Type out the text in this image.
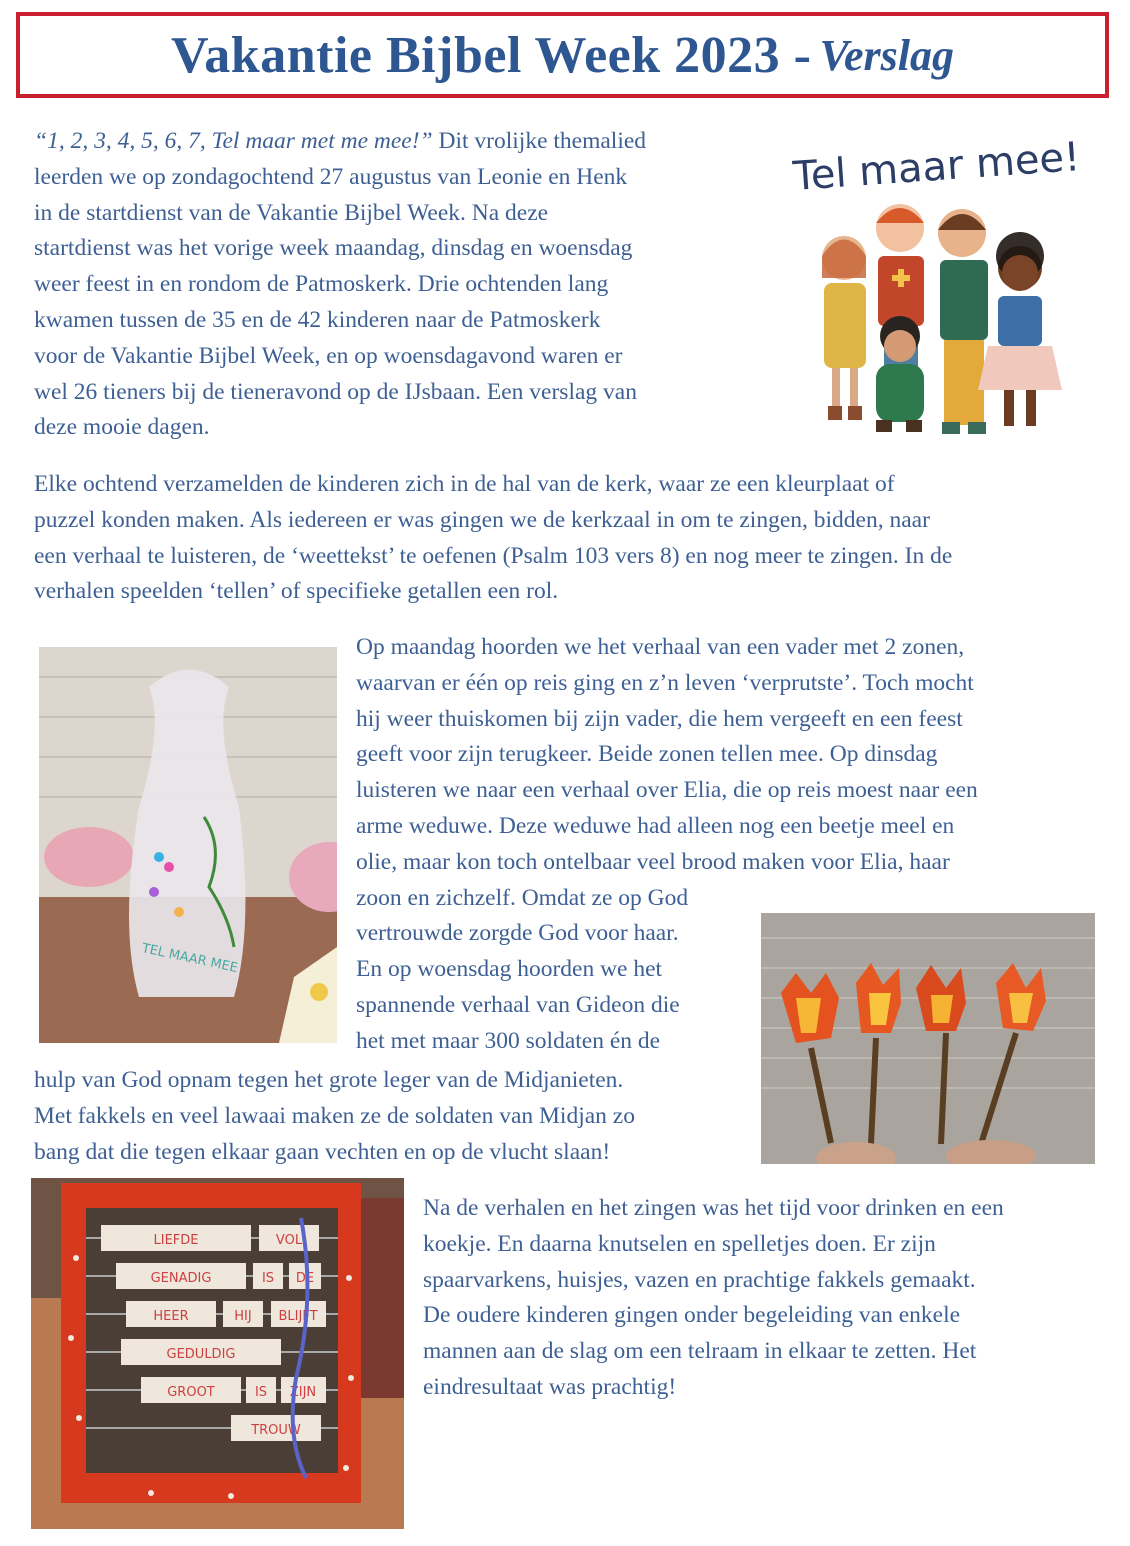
Vakantie Bijbel Week 2023 - Verslag
“1, 2, 3, 4, 5, 6, 7, Tel maar met me mee!” Dit vrolijke themalied
leerden we op zondagochtend 27 augustus van Leonie en Henk
in de startdienst van de Vakantie Bijbel Week. Na deze
startdienst was het vorige week maandag, dinsdag en woensdag
weer feest in en rondom de Patmoskerk. Drie ochtenden lang
kwamen tussen de 35 en de 42 kinderen naar de Patmoskerk
voor de Vakantie Bijbel Week, en op woensdagavond waren er
wel 26 tieners bij de tieneravond op de IJsbaan. Een verslag van
deze mooie dagen.
Tel maar mee!
Elke ochtend verzamelden de kinderen zich in de hal van de kerk, waar ze een kleurplaat of
puzzel konden maken. Als iedereen er was gingen we de kerkzaal in om te zingen, bidden, naar
een verhaal te luisteren, de ‘weettekst’ te oefenen (Psalm 103 vers 8) en nog meer te zingen. In de
verhalen speelden ‘tellen’ of specifieke getallen een rol.
TEL MAAR MEE
Op maandag hoorden we het verhaal van een vader met 2 zonen,
waarvan er één op reis ging en z’n leven ‘verprutste’. Toch mocht
hij weer thuiskomen bij zijn vader, die hem vergeeft en een feest
geeft voor zijn terugkeer. Beide zonen tellen mee. Op dinsdag
luisteren we naar een verhaal over Elia, die op reis moest naar een
arme weduwe. Deze weduwe had alleen nog een beetje meel en
olie, maar kon toch ontelbaar veel brood maken voor Elia, haar
zoon en zichzelf. Omdat ze op God
vertrouwde zorgde God voor haar.
En op woensdag hoorden we het
spannende verhaal van Gideon die
het met maar 300 soldaten én de
hulp van God opnam tegen het grote leger van de Midjanieten.
Met fakkels en veel lawaai maken ze de soldaten van Midjan zo
bang dat die tegen elkaar gaan vechten en op de vlucht slaan!
LIEFDE	VOL
GENADIG	IS DE
HEER	HIJ BLIJFT
GEDULDIG
GROOT	IS ZIJN
TROUW
Na de verhalen en het zingen was het tijd voor drinken en een
koekje. En daarna knutselen en spelletjes doen. Er zijn
spaarvarkens, huisjes, vazen en prachtige fakkels gemaakt.
De oudere kinderen gingen onder begeleiding van enkele
mannen aan de slag om een telraam in elkaar te zetten. Het
eindresultaat was prachtig!
